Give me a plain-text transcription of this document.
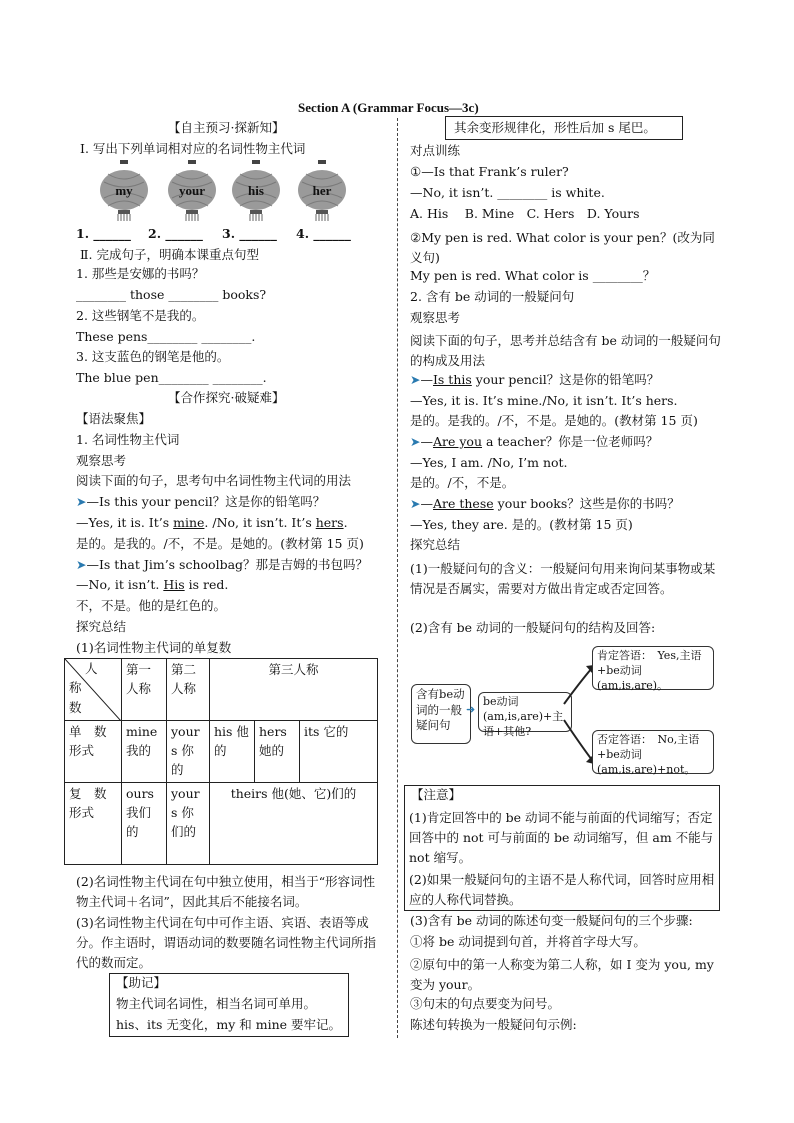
Section A (Grammar Focus—3c)
【自主预习·探新知】
Ⅰ. 写出下列单词相对应的名词性物主代词
my	your	his	her
1. ______ 2. ______ 3. ______ 4. ______
Ⅱ. 完成句子，明确本课重点句型
1. 那些是安娜的书吗？
________ those ________ books?
2. 这些钢笔不是我的。
These pens________ ________.
3. 这支蓝色的钢笔是他的。
The blue pen________ ________.
【合作探究·破疑难】
【语法聚焦】
1. 名词性物主代词
观察思考
阅读下面的句子，思考句中名词性物主代词的用法
➤—Is this your pencil？这是你的铅笔吗？
—Yes, it is. It’s mine. /No, it isn’t. It’s hers.
是的。是我的。/不，不是。是她的。(教材第 15 页)
➤—Is that Jim’s schoolbag？那是吉姆的书包吗？
—No, it isn’t. His is red.
不，不是。他的是红色的。
探究总结
(1)名词性物主代词的单复数
人
称
数	第一人称	第二人称	第三人称		
单　数形式	mine 我的	yours 你的	his 他的	hers 她的	its 它的
复　数形式	ours 我们的	yours 你们的	theirs 他(她、它)们的		
(2)名词性物主代词在句中独立使用，相当于“形容词性物主代词＋名词”，因此其后不能接名词。
(3)名词性物主代词在句中可作主语、宾语、表语等成分。作主语时，谓语动词的数要随名词性物主代词所指代的数而定。
【助记】
物主代词名词性，相当名词可单用。
his、its 无变化，my 和 mine 要牢记。
其余变形规律化，形性后加 s 尾巴。
对点训练
①—Is that Frank’s ruler?
—No, it isn’t. ________ is white.
A. His　 B. Mine　C. Hers　D. Yours
②My pen is red. What color is your pen？(改为同义句)
My pen is red. What color is ________？
2. 含有 be 动词的一般疑问句
观察思考
阅读下面的句子，思考并总结含有 be 动词的一般疑问句的构成及用法
➤—Is this your pencil？这是你的铅笔吗？
—Yes, it is. It’s mine./No, it isn’t. It’s hers.
是的。是我的。/不，不是。是她的。(教材第 15 页)
➤—Are you a teacher？你是一位老师吗？
—Yes, I am. /No, I’m not.
是的。/不，不是。
➤—Are these your books？这些是你的书吗？
—Yes, they are. 是的。(教材第 15 页)
探究总结
(1)一般疑问句的含义：一般疑问句用来询问某事物或某情况是否属实，需要对方做出肯定或否定回答。
(2)含有 be 动词的一般疑问句的结构及回答:
含有be动词的一般疑问句
➜
be动词(am,is,are)+主语+其他?
肯定答语：　Yes,主语+be动词(am,is,are)。
否定答语：　No,主语+be动词(am,is,are)+not。
【注意】
(1)肯定回答中的 be 动词不能与前面的代词缩写；否定回答中的 not 可与前面的 be 动词缩写，但 am 不能与 not 缩写。
(2)如果一般疑问句的主语不是人称代词，回答时应用相应的人称代词替换。
(3)含有 be 动词的陈述句变一般疑问句的三个步骤:
①将 be 动词提到句首，并将首字母大写。
②原句中的第一人称变为第二人称，如 I 变为 you, my 变为 your。
③句末的句点要变为问号。
陈述句转换为一般疑问句示例:
